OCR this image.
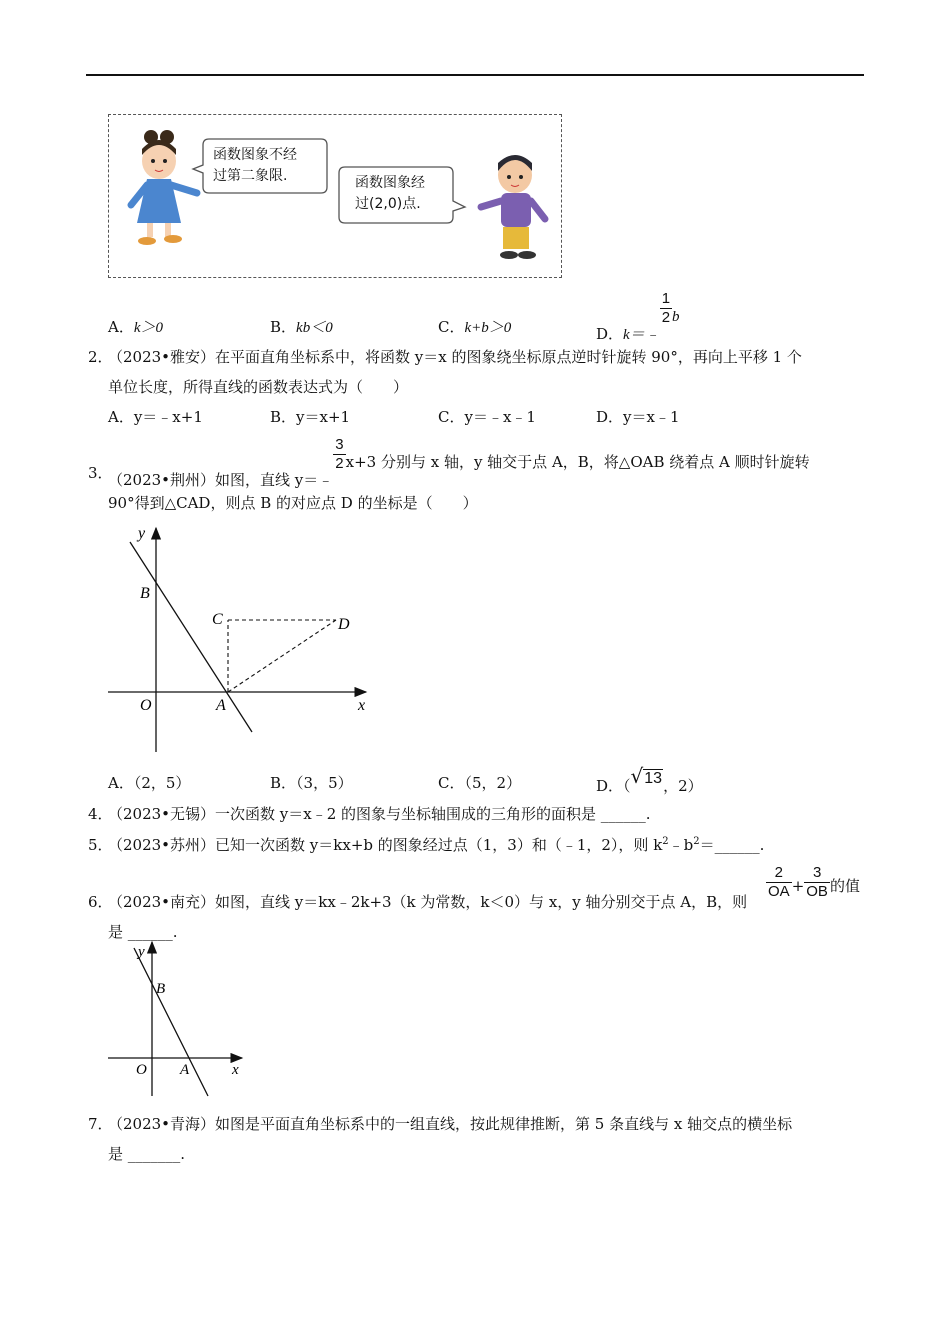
函数图象不经
过第二象限.	函数图象经
过(2,0)点.
A．k＞0	B．kb＜0	C．k+b＞0	D．k＝﹣
$\frac{1}{2}$ b
2．
（2023•雅安）在平面直角坐标系中，将函数 y＝x 的图象绕坐标原点逆时针旋转 90°，再向上平移 1 个
单位长度，所得直线的函数表达式为（　　）
A．y＝﹣x+1	B．y＝x+1	C．y＝﹣x﹣1	D．y＝x﹣1
3．
（2023•荆州）如图，直线 y＝﹣
$\frac{3}{2} x+3$ 分别与 x 轴，y 轴交于点 A，B，将△OAB 绕着点 A 顺时针旋转
90°得到△CAD，则点 B 的对应点 D 的坐标是（　　）
y
x
B
C	D
O	A
A．（2，5）	B．（3，5）	C．（5，2）	D．（√13，2）
4．
（2023•无锡）一次函数 y＝x﹣2 的图象与坐标轴围成的三角形的面积是 ______.
5．
（2023•苏州）已知一次函数 y＝kx+b 的图象经过点（1，3）和（﹣1，2），则 $k^2﹣b^2=\_\_\_\_\_\_$.
6．
（2023•南充）如图，直线 y＝kx﹣2k+3（k 为常数，k＜0）与 x，y 轴分别交于点 A，B，则
$\frac{2}{OA} + \frac{3}{OB}$ 的值
是 ______.
y
x
B
O A
7．
（2023•青海）如图是平面直角坐标系中的一组直线，按此规律推断，第 5 条直线与 x 轴交点的横坐标
是 _______.
